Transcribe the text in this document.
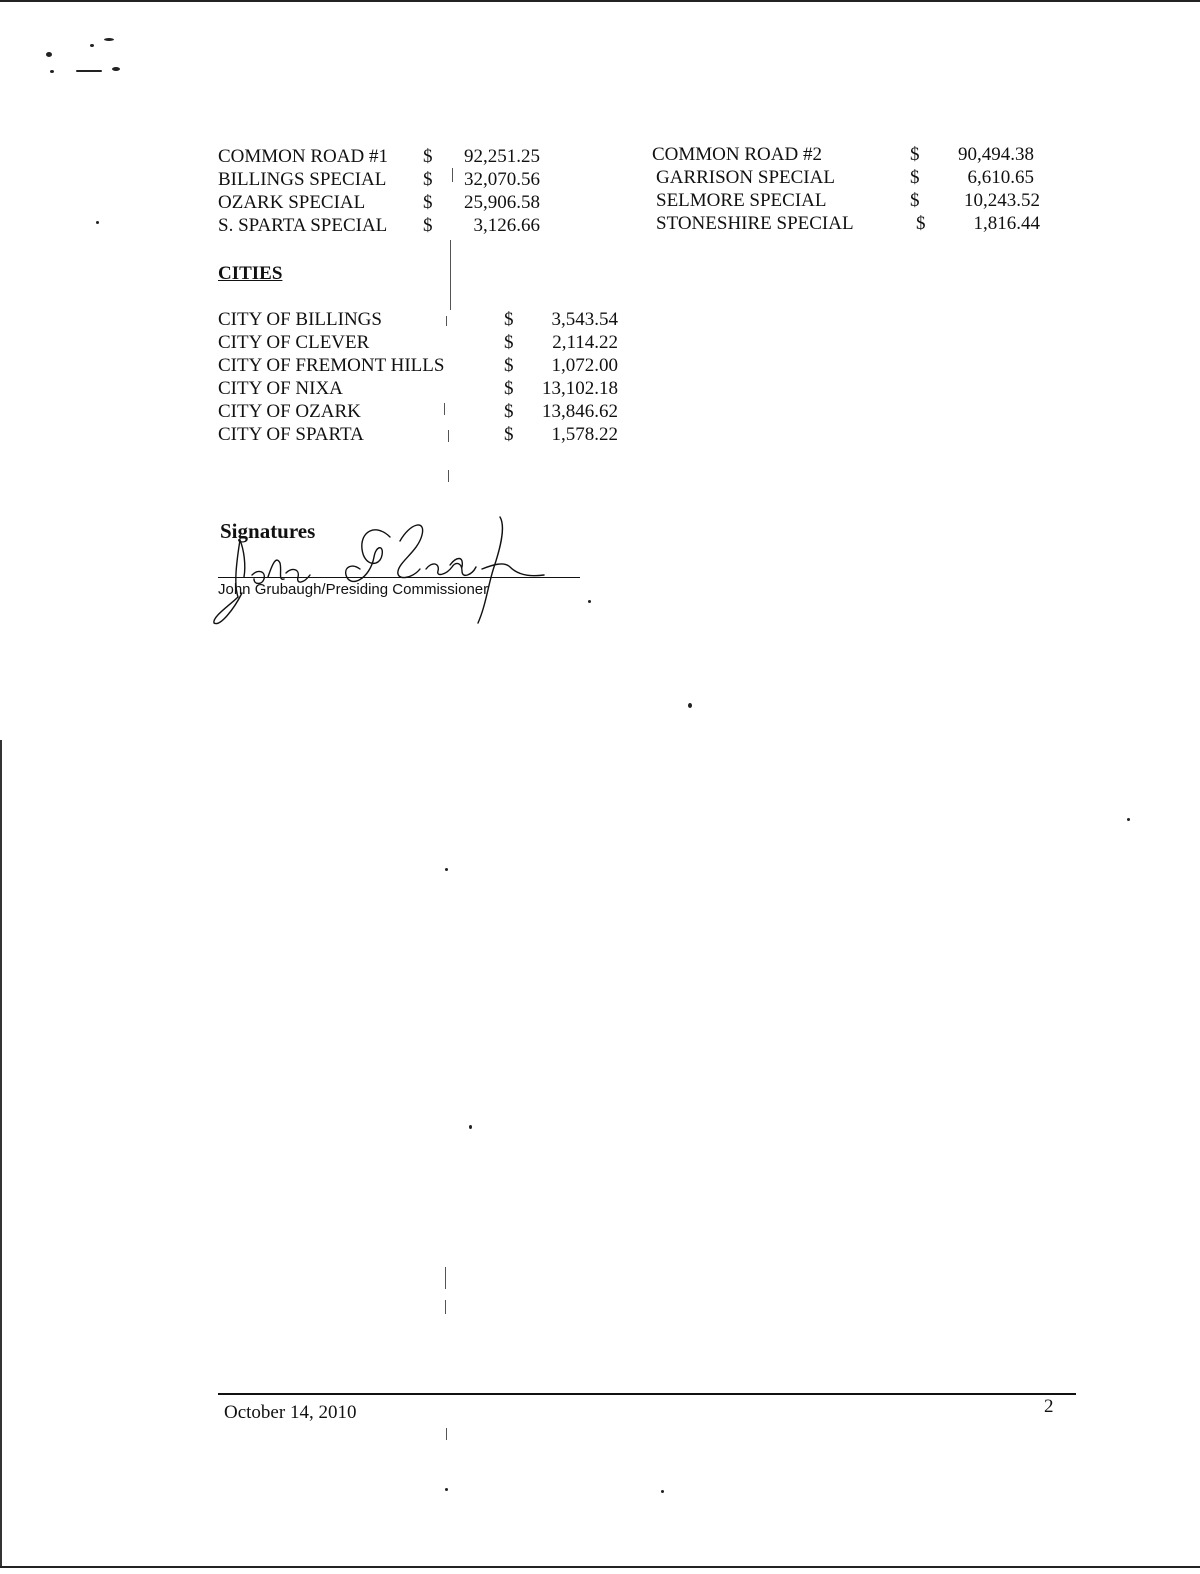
COMMON ROAD #1 $	92,251.25
BILLINGS SPECIAL $	32,070.56
OZARK SPECIAL	$	25,906.58
S. SPARTA SPECIAL $	3,126.66
COMMON ROAD #2	$	90,494.38
GARRISON SPECIAL	$	6,610.65
SELMORE SPECIAL	$	10,243.52
STONESHIRE SPECIAL	$	1,816.44
CITIES
CITY OF BILLINGS	$	3,543.54
CITY OF CLEVER	$	2,114.22
CITY OF FREMONT HILLS	$	1,072.00
CITY OF NIXA	$	13,102.18
CITY OF OZARK	$	13,846.62
CITY OF SPARTA	$	1,578.22
Signatures
John Grubaugh/Presiding Commissioner
October 14, 2010	2
